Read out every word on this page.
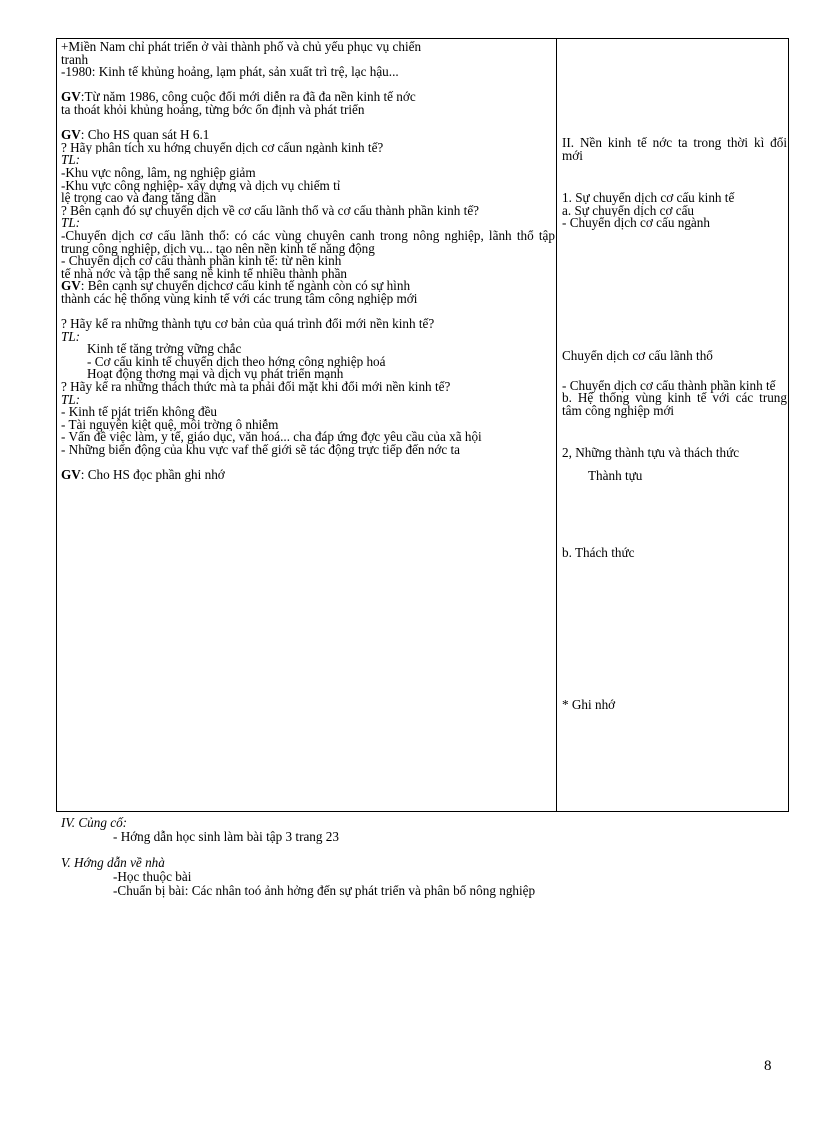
+Miền Nam chỉ phát triển ở vài thành phố và chủ yếu phục vụ chiến
tranh
-1980: Kinh tế khủng hoảng, lạm phát, sản xuất trì trệ, lạc hậu...
GV:Từ năm 1986, công cuộc đổi mới diễn ra đã đa nền kinh tế nớc
ta thoát khỏi khủng hoảng, từng bớc ổn định và phát triển
GV: Cho HS quan sát H 6.1
? Hãy phân tích xu hớng chuyển dịch cơ cấun ngành kinh tế?
TL:
-Khu vực nông, lâm, ng nghiệp giảm
-Khu vực công nghiệp- xây dựng và dịch vụ chiếm tỉ
lệ trọng cao và đang tăng dần
? Bên cạnh đó sự chuyển dịch về cơ cấu lãnh thổ và cơ cấu thành phần kinh tế?
TL:
-Chuyển dịch cơ cấu lãnh thổ: có các vùng chuyên canh trong nông nghiệp, lãnh thổ tập trung công nghiệp, dịch vụ... tạo nên nền kinh tế năng động
- Chuyển dịch cơ cấu thành phần kinh tế: từ nền kinh
tế nhà nớc và tập thể sang nề kinh tế nhiều thành phần
GV: Bên cạnh sự chuyển dịchcơ cấu kinh tế ngành còn có sự hình
thành các hệ thống vùng kinh tế với các trung tâm công nghiệp mới
? Hãy kể ra những thành tựu cơ bản của quá trình đổi mới nền kinh tế?
TL:
Kinh tế tăng trởng vững chắc
- Cơ cấu kinh tế chuyển dịch theo hớng công nghiệp hoá
Hoạt động thơng mại và dịch vụ phát triển mạnh
? Hãy kể ra những thách thức mà ta phải đối mặt khi đổi mới nền kinh tế?
TL:
- Kinh tế pját triển không đều
- Tài nguyên kiệt quệ, môi trờng ô nhiễm
- Vấn đề việc làm, y tế, giáo dục, văn hoá... cha đáp ứng đợc yêu cầu của xã hội
- Những biến động của khu vực vaf thế giới sẽ tác động trực tiếp đến nớc ta
GV: Cho HS đọc phần ghi nhớ
II. Nền kinh tế nớc ta trong thời kì đổi mới
1. Sự chuyển dịch cơ cấu kinh tế
a. Sự chuyển dịch cơ cấu
- Chuyển dịch cơ cấu ngành
Chuyển dịch cơ cấu lãnh thổ
- Chuyển dịch cơ cấu thành phần kinh tế
b. Hệ thống vùng kinh tế với các trung tâm công nghiệp mới
2, Những thành tựu và thách thức
Thành tựu
b. Thách thức
* Ghi nhớ
IV. Củng cố:
- Hớng dẫn học sinh làm bài tập 3 trang 23
V. Hớng dẫn về nhà
-Học thuộc bài
-Chuẩn bị bài: Các nhân toó ảnh hởng đến sự phát triển và phân bố nông nghiệp
8
